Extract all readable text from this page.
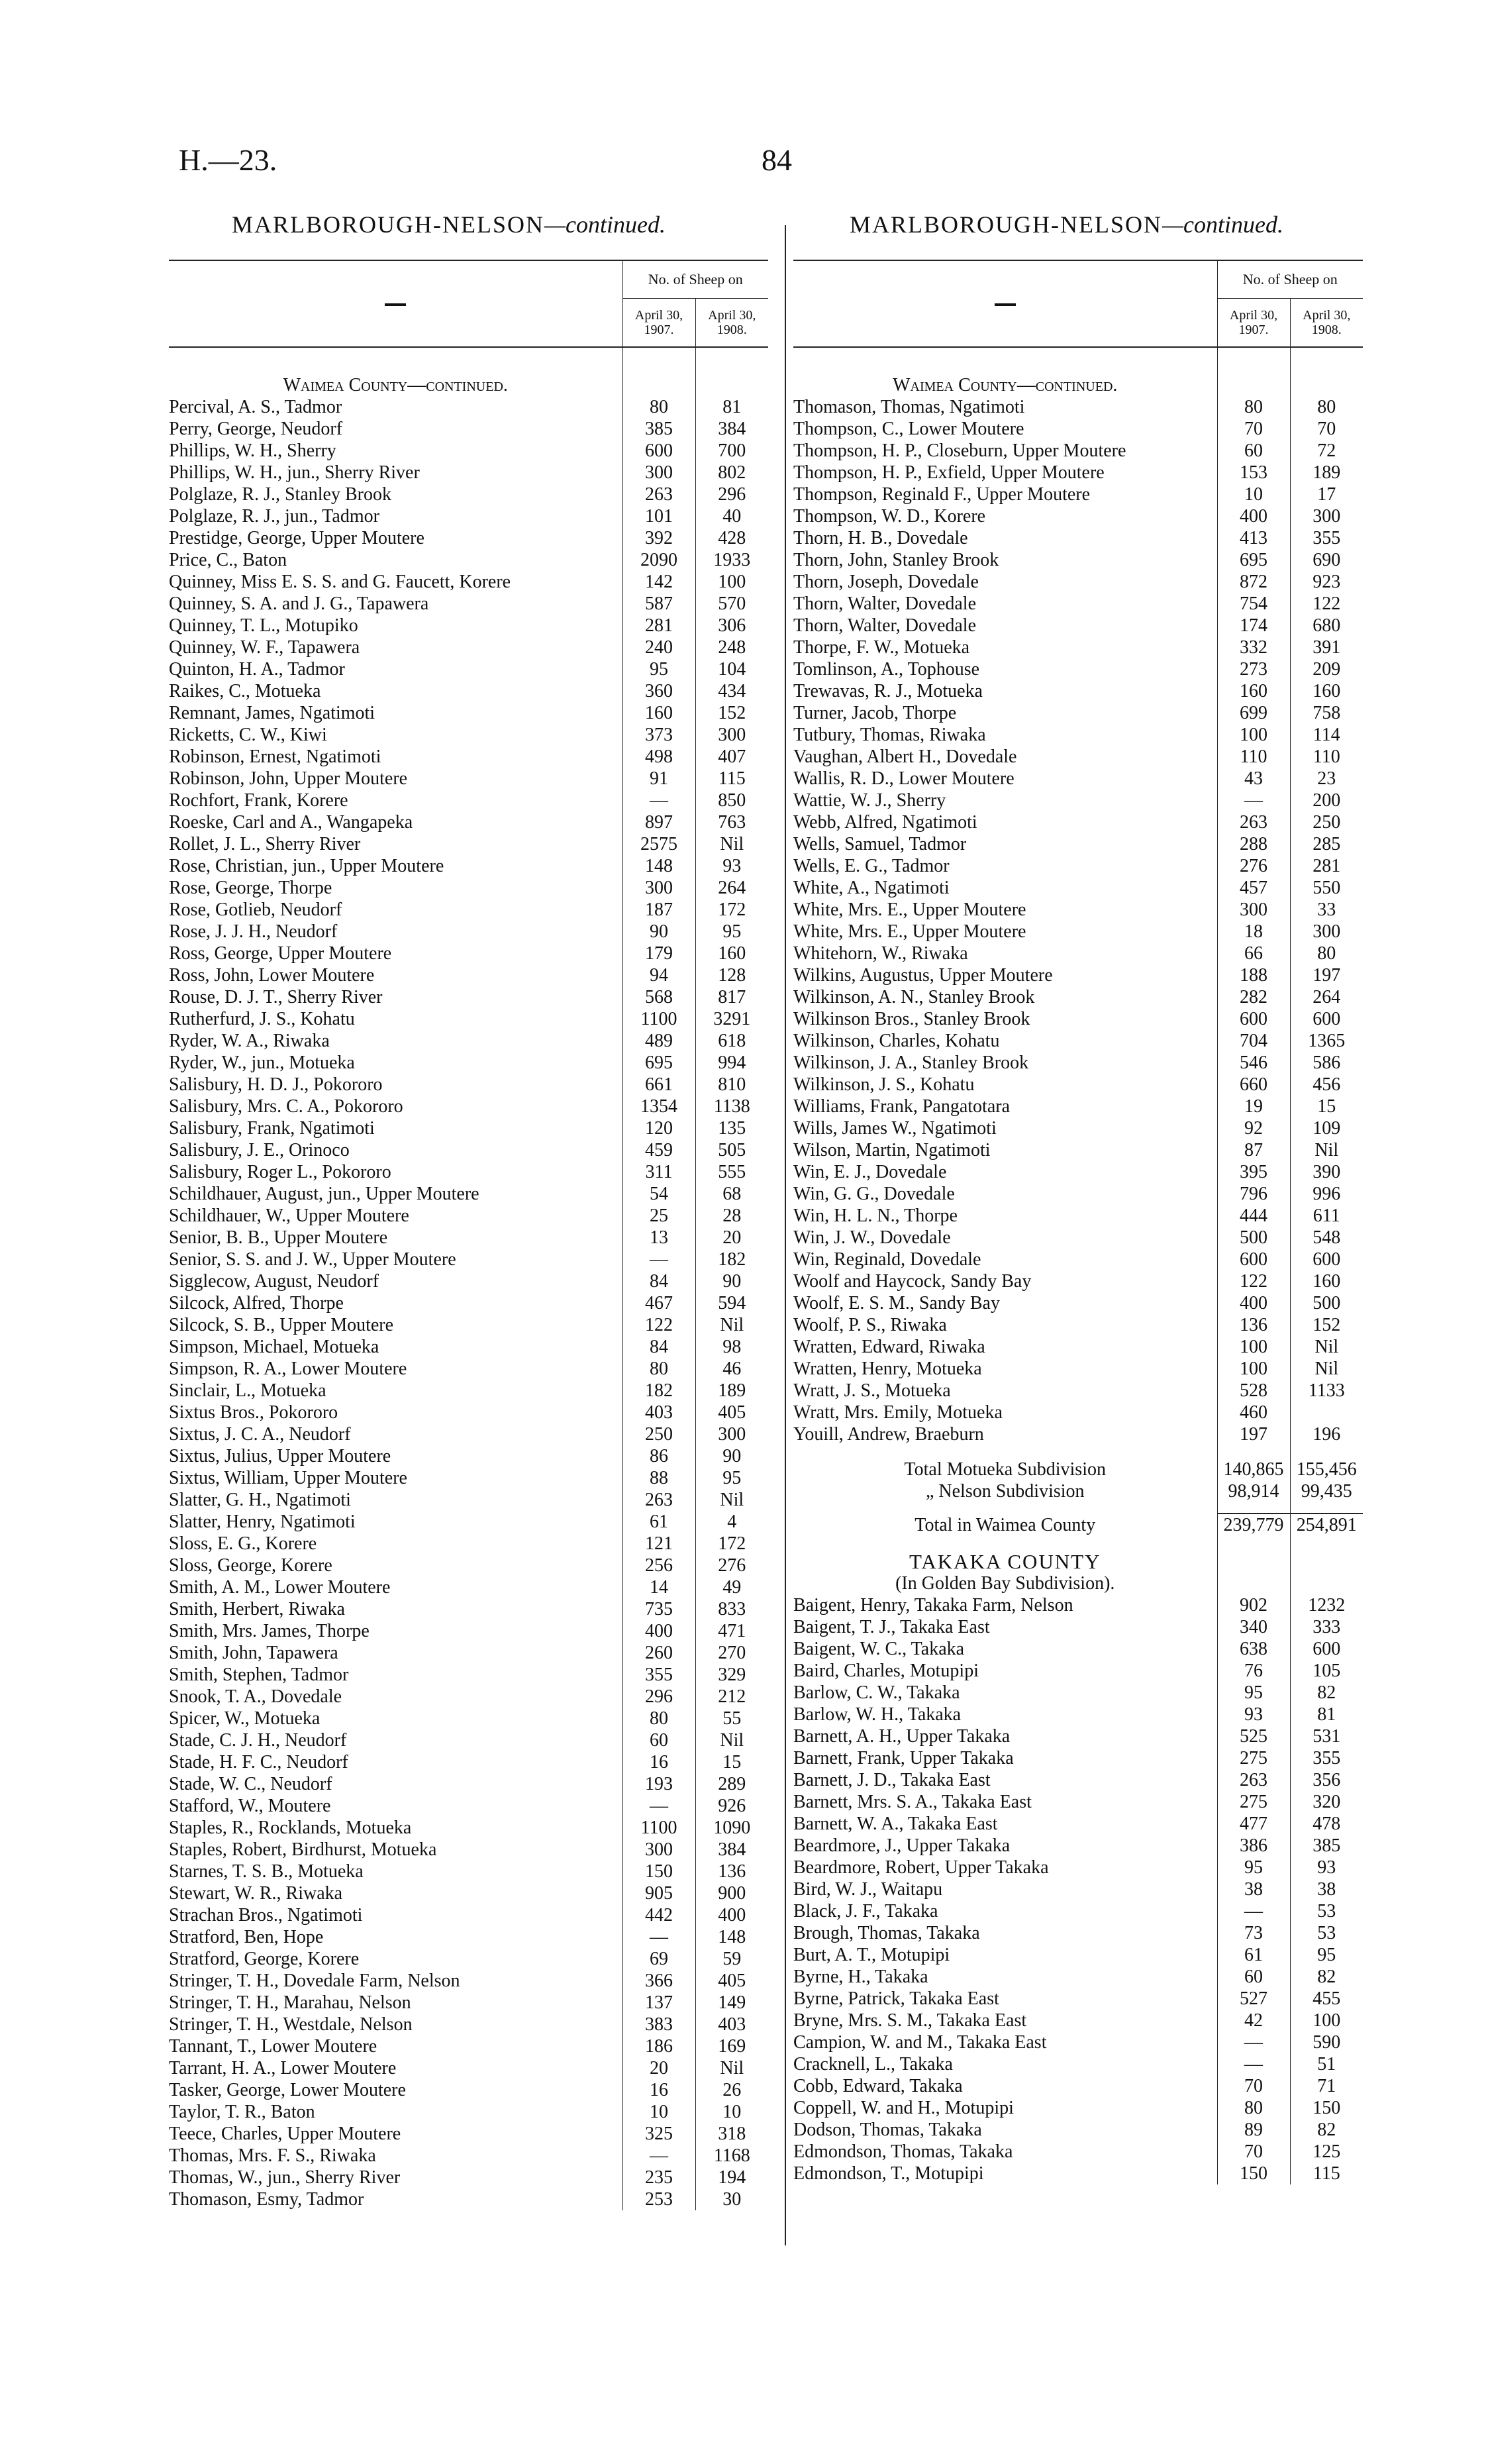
H.—23.	84
MARLBOROUGH-NELSON—continued.	MARLBOROUGH-NELSON—continued.
	No. of Sheep on	
	April 30, 1907.	April 30, 1908.

Waimea County—continued.		
Percival, A. S., Tadmor	80	81
Perry, George, Neudorf	385	384
Phillips, W. H., Sherry	600	700
Phillips, W. H., jun., Sherry River	300	802
Polglaze, R. J., Stanley Brook	263	296
Polglaze, R. J., jun., Tadmor	101	40
Prestidge, George, Upper Moutere	392	428
Price, C., Baton	2090	1933
Quinney, Miss E. S. S. and G. Faucett, Korere	142	100
Quinney, S. A. and J. G., Tapawera	587	570
Quinney, T. L., Motupiko	281	306
Quinney, W. F., Tapawera	240	248
Quinton, H. A., Tadmor	95	104
Raikes, C., Motueka	360	434
Remnant, James, Ngatimoti	160	152
Ricketts, C. W., Kiwi	373	300
Robinson, Ernest, Ngatimoti	498	407
Robinson, John, Upper Moutere	91	115
Rochfort, Frank, Korere	—	850
Roeske, Carl and A., Wangapeka	897	763
Rollet, J. L., Sherry River	2575	Nil
Rose, Christian, jun., Upper Moutere	148	93
Rose, George, Thorpe	300	264
Rose, Gotlieb, Neudorf	187	172
Rose, J. J. H., Neudorf	90	95
Ross, George, Upper Moutere	179	160
Ross, John, Lower Moutere	94	128
Rouse, D. J. T., Sherry River	568	817
Rutherfurd, J. S., Kohatu	1100	3291
Ryder, W. A., Riwaka	489	618
Ryder, W., jun., Motueka	695	994
Salisbury, H. D. J., Pokororo	661	810
Salisbury, Mrs. C. A., Pokororo	1354	1138
Salisbury, Frank, Ngatimoti	120	135
Salisbury, J. E., Orinoco	459	505
Salisbury, Roger L., Pokororo	311	555
Schildhauer, August, jun., Upper Moutere	54	68
Schildhauer, W., Upper Moutere	25	28
Senior, B. B., Upper Moutere	13	20
Senior, S. S. and J. W., Upper Moutere	—	182
Sigglecow, August, Neudorf	84	90
Silcock, Alfred, Thorpe	467	594
Silcock, S. B., Upper Moutere	122	Nil
Simpson, Michael, Motueka	84	98
Simpson, R. A., Lower Moutere	80	46
Sinclair, L., Motueka	182	189
Sixtus Bros., Pokororo	403	405
Sixtus, J. C. A., Neudorf	250	300
Sixtus, Julius, Upper Moutere	86	90
Sixtus, William, Upper Moutere	88	95
Slatter, G. H., Ngatimoti	263	Nil
Slatter, Henry, Ngatimoti	61	4
Sloss, E. G., Korere	121	172
Sloss, George, Korere	256	276
Smith, A. M., Lower Moutere	14	49
Smith, Herbert, Riwaka	735	833
Smith, Mrs. James, Thorpe	400	471
Smith, John, Tapawera	260	270
Smith, Stephen, Tadmor	355	329
Snook, T. A., Dovedale	296	212
Spicer, W., Motueka	80	55
Stade, C. J. H., Neudorf	60	Nil
Stade, H. F. C., Neudorf	16	15
Stade, W. C., Neudorf	193	289
Stafford, W., Moutere	—	926
Staples, R., Rocklands, Motueka	1100	1090
Staples, Robert, Birdhurst, Motueka	300	384
Starnes, T. S. B., Motueka	150	136
Stewart, W. R., Riwaka	905	900
Strachan Bros., Ngatimoti	442	400
Stratford, Ben, Hope	—	148
Stratford, George, Korere	69	59
Stringer, T. H., Dovedale Farm, Nelson	366	405
Stringer, T. H., Marahau, Nelson	137	149
Stringer, T. H., Westdale, Nelson	383	403
Tannant, T., Lower Moutere	186	169
Tarrant, H. A., Lower Moutere	20	Nil
Tasker, George, Lower Moutere	16	26
Taylor, T. R., Baton	10	10
Teece, Charles, Upper Moutere	325	318
Thomas, Mrs. F. S., Riwaka	—	1168
Thomas, W., jun., Sherry River	235	194
Thomason, Esmy, Tadmor	253	30
	No. of Sheep on	
	April 30, 1907.	April 30, 1908.

Waimea County—continued.		
Thomason, Thomas, Ngatimoti	80	80
Thompson, C., Lower Moutere	70	70
Thompson, H. P., Closeburn, Upper Moutere	60	72
Thompson, H. P., Exfield, Upper Moutere	153	189
Thompson, Reginald F., Upper Moutere	10	17
Thompson, W. D., Korere	400	300
Thorn, H. B., Dovedale	413	355
Thorn, John, Stanley Brook	695	690
Thorn, Joseph, Dovedale	872	923
Thorn, Walter, Dovedale	754	122
Thorn, Walter, Dovedale	174	680
Thorpe, F. W., Motueka	332	391
Tomlinson, A., Tophouse	273	209
Trewavas, R. J., Motueka	160	160
Turner, Jacob, Thorpe	699	758
Tutbury, Thomas, Riwaka	100	114
Vaughan, Albert H., Dovedale	110	110
Wallis, R. D., Lower Moutere	43	23
Wattie, W. J., Sherry	—	200
Webb, Alfred, Ngatimoti	263	250
Wells, Samuel, Tadmor	288	285
Wells, E. G., Tadmor	276	281
White, A., Ngatimoti	457	550
White, Mrs. E., Upper Moutere	300	33
White, Mrs. E., Upper Moutere	18	300
Whitehorn, W., Riwaka	66	80
Wilkins, Augustus, Upper Moutere	188	197
Wilkinson, A. N., Stanley Brook	282	264
Wilkinson Bros., Stanley Brook	600	600
Wilkinson, Charles, Kohatu	704	1365
Wilkinson, J. A., Stanley Brook	546	586
Wilkinson, J. S., Kohatu	660	456
Williams, Frank, Pangatotara	19	15
Wills, James W., Ngatimoti	92	109
Wilson, Martin, Ngatimoti	87	Nil
Win, E. J., Dovedale	395	390
Win, G. G., Dovedale	796	996
Win, H. L. N., Thorpe	444	611
Win, J. W., Dovedale	500	548
Win, Reginald, Dovedale	600	600
Woolf and Haycock, Sandy Bay	122	160
Woolf, E. S. M., Sandy Bay	400	500
Woolf, P. S., Riwaka	136	152
Wratten, Edward, Riwaka	100	Nil
Wratten, Henry, Motueka	100	Nil
Wratt, J. S., Motueka	528	1133
Wratt, Mrs. Emily, Motueka	460	
Youill, Andrew, Braeburn	197	196

Total Motueka Subdivision	140,865	155,456
„ Nelson Subdivision	98,914	99,435

Total in Waimea County	239,779	254,891

TAKAKA COUNTY		
(In Golden Bay Subdivision).		
Baigent, Henry, Takaka Farm, Nelson	902	1232
Baigent, T. J., Takaka East	340	333
Baigent, W. C., Takaka	638	600
Baird, Charles, Motupipi	76	105
Barlow, C. W., Takaka	95	82
Barlow, W. H., Takaka	93	81
Barnett, A. H., Upper Takaka	525	531
Barnett, Frank, Upper Takaka	275	355
Barnett, J. D., Takaka East	263	356
Barnett, Mrs. S. A., Takaka East	275	320
Barnett, W. A., Takaka East	477	478
Beardmore, J., Upper Takaka	386	385
Beardmore, Robert, Upper Takaka	95	93
Bird, W. J., Waitapu	38	38
Black, J. F., Takaka	—	53
Brough, Thomas, Takaka	73	53
Burt, A. T., Motupipi	61	95
Byrne, H., Takaka	60	82
Byrne, Patrick, Takaka East	527	455
Bryne, Mrs. S. M., Takaka East	42	100
Campion, W. and M., Takaka East	—	590
Cracknell, L., Takaka	—	51
Cobb, Edward, Takaka	70	71
Coppell, W. and H., Motupipi	80	150
Dodson, Thomas, Takaka	89	82
Edmondson, Thomas, Takaka	70	125
Edmondson, T., Motupipi	150	115
